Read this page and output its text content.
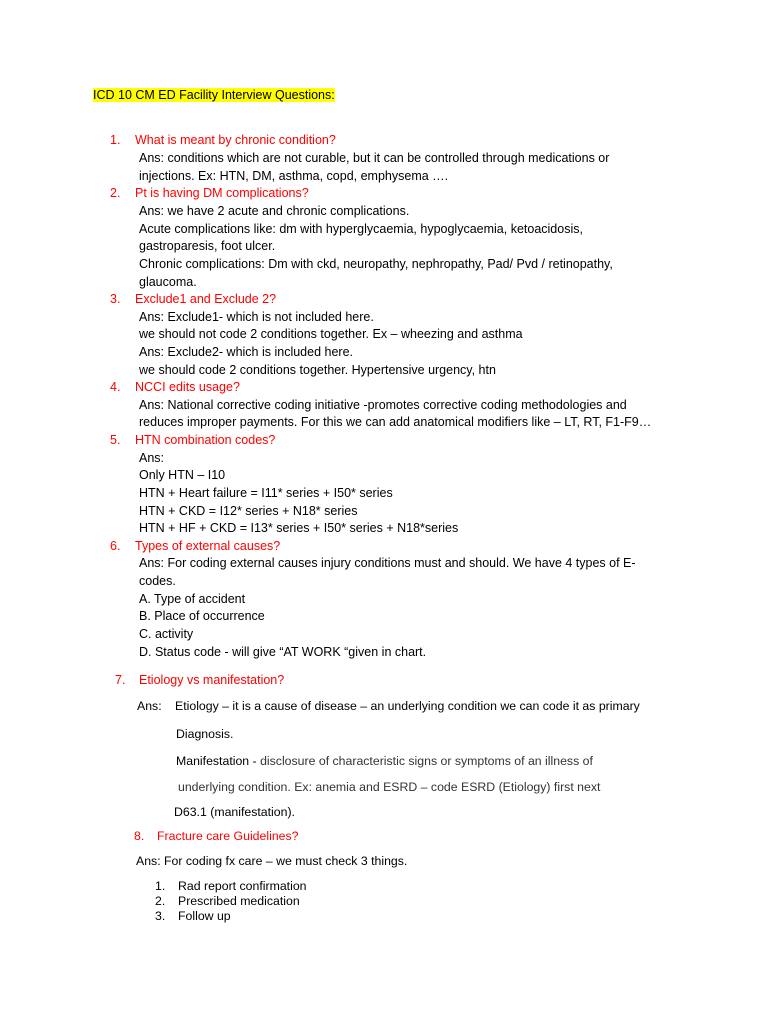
ICD 10 CM ED Facility Interview Questions:
1. What is meant by chronic condition?
Ans: conditions which are not curable, but it can be controlled through medications or
injections. Ex: HTN, DM, asthma, copd, emphysema ….
2. Pt is having DM complications?
Ans: we have 2 acute and chronic complications.
Acute complications like: dm with hyperglycaemia, hypoglycaemia, ketoacidosis,
gastroparesis, foot ulcer.
Chronic complications: Dm with ckd, neuropathy, nephropathy, Pad/ Pvd / retinopathy,
glaucoma.
3. Exclude1 and Exclude 2?
Ans: Exclude1- which is not included here.
we should not code 2 conditions together. Ex – wheezing and asthma
Ans: Exclude2- which is included here.
we should code 2 conditions together. Hypertensive urgency, htn
4. NCCI edits usage?
Ans: National corrective coding initiative -promotes corrective coding methodologies and
reduces improper payments. For this we can add anatomical modifiers like – LT, RT, F1-F9…
5. HTN combination codes?
Ans:
Only HTN – I10
HTN + Heart failure = I11* series + I50* series
HTN + CKD = I12* series + N18* series
HTN + HF + CKD = I13* series + I50* series + N18*series
6. Types of external causes?
Ans: For coding external causes injury conditions must and should. We have 4 types of E-
codes.
A. Type of accident
B. Place of occurrence
C. activity
D. Status code - will give “AT WORK “given in chart.
7. Etiology vs manifestation?
Ans: Etiology – it is a cause of disease – an underlying condition we can code it as primary
Diagnosis.
Manifestation - disclosure of characteristic signs or symptoms of an illness of
underlying condition. Ex: anemia and ESRD – code ESRD (Etiology) first next
D63.1 (manifestation).
8. Fracture care Guidelines?
Ans: For coding fx care – we must check 3 things.
1. Rad report confirmation
2. Prescribed medication
3. Follow up
